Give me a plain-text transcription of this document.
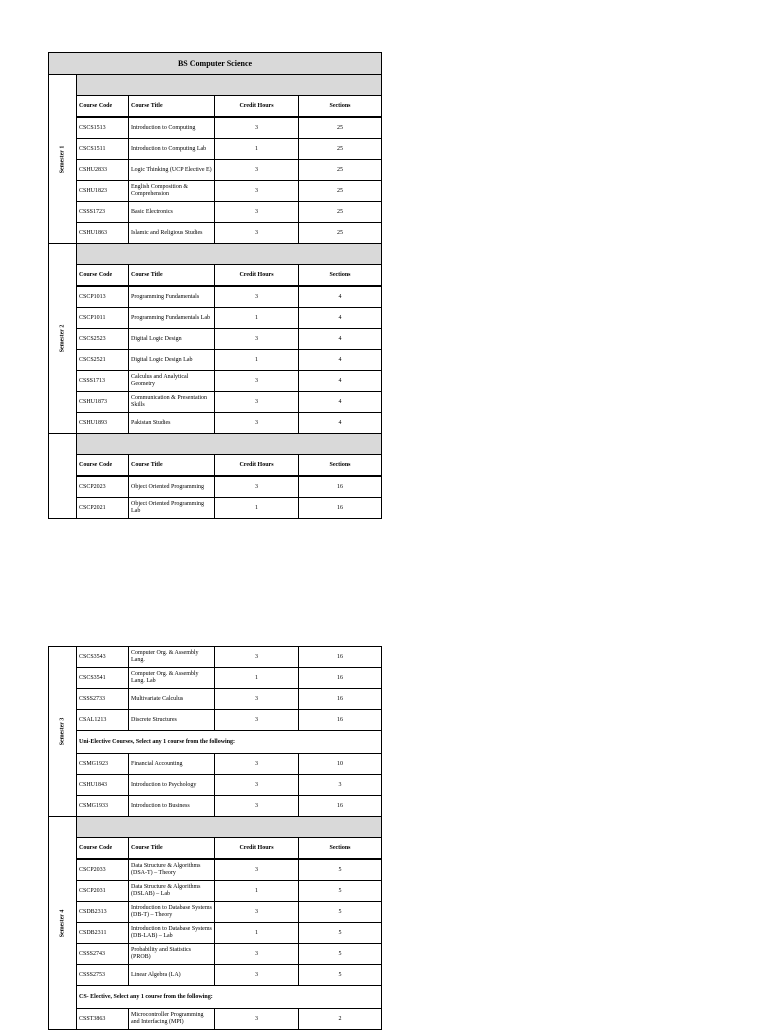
BS Computer Science				
Semester 1				
	Course Code	Course Title	Credit Hours	Sections
	CSCS1513	Introduction to Computing	3	25
	CSCS1511	Introduction to Computing Lab	1	25
	CSHU2833	Logic Thinking (UCP Elective E)	3	25
	CSHU1823	English Composition & Comprehension	3	25
	CSSS1723	Basic Electronics	3	25
	CSHU1863	Islamic and Religious Studies	3	25
Semester 2				
	Course Code	Course Title	Credit Hours	Sections
	CSCP1013	Programming Fundamentals	3	4
	CSCP1011	Programming Fundamentals Lab	1	4
	CSCS2523	Digital Logic Design	3	4
	CSCS2521	Digital Logic Design Lab	1	4
	CSSS1713	Calculus and Analytical Geometry	3	4
	CSHU1873	Communication & Presentation Skills	3	4
	CSHU1893	Pakistan Studies	3	4

	Course Code	Course Title	Credit Hours	Sections
	CSCP2023	Object Oriented Programming	3	16
	CSCP2021	Object Oriented Programming Lab	1	16
Semester 3	CSCS3543	Computer Org. & Assembly Lang.	3	16
	CSCS3541	Computer Org. & Assembly Lang. Lab	1	16
	CSSS2733	Multivariate Calculus	3	16
	CSAL1213	Discrete Structures	3	16
	Uni-Elective Courses, Select any 1 course from the following:			
	CSMG1923	Financial Accounting	3	10
	CSHU1843	Introduction to Psychology	3	3
	CSMG1933	Introduction to Business	3	16
Semester 4				
	Course Code	Course Title	Credit Hours	Sections
	CSCP2033	Data Structure & Algorithms (DSA-T) – Theory	3	5
	CSCP2031	Data Structure & Algorithms (DSLAB) – Lab	1	5
	CSDB2313	Introduction to Database Systems (DB-T) – Theory	3	5
	CSDB2311	Introduction to Database Systems (DB-LAB) – Lab	1	5
	CSSS2743	Probability and Statistics (PROB)	3	5
	CSSS2753	Linear Algebra (LA)	3	5
	CS- Elective, Select any 1 course from the following:			
	CSST3863	Microcontroller Programming and Interfacing (MPI)	3	2
